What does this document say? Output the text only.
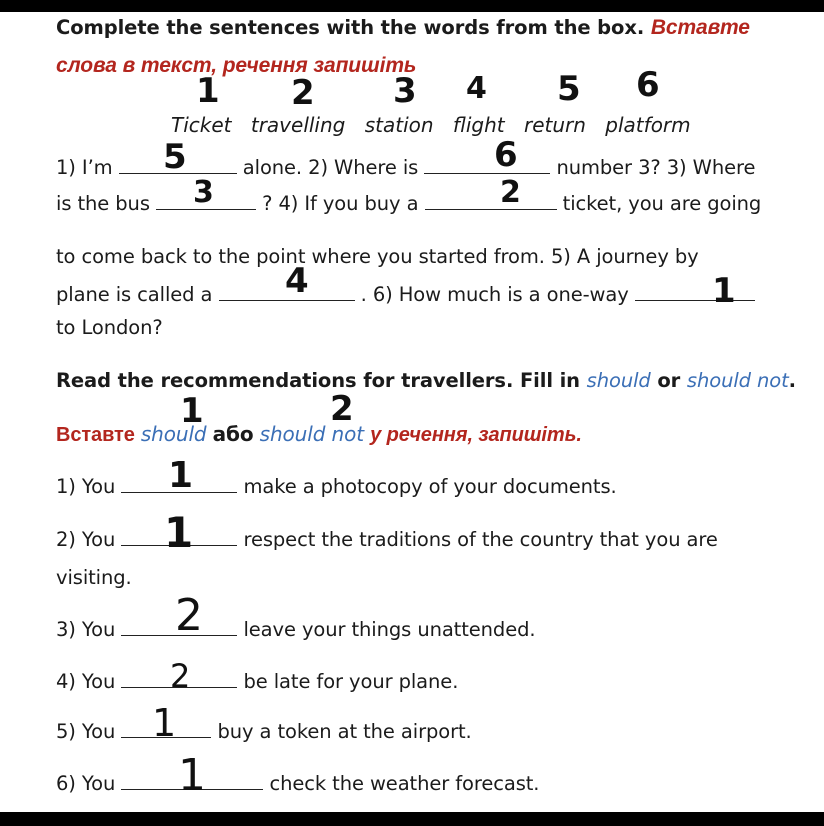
Complete the sentences with the words from the box. Вставте
слова в текст, речення запишіть
1 2 3 4 5 6
Ticket travelling station flight return platform
1) I’m	alone. 2) Where is	number 3? 3) Where
5	6
is the bus	? 4) If you buy a	ticket, you are going
3	2
to come back to the point where you started from. 5) A journey by
plane is called a	. 6) How much is a one-way
4	1
to London?
Read the recommendations for travellers. Fill in should or should not.
1	2
Вставте should або should not у речення, запишіть.
1) You	make a photocopy of your documents.
1
2) You	respect the traditions of the country that you are
1
visiting.
3) You	leave your things unattended.
2
4) You	be late for your plane.
2
5) You	buy a token at the airport.
1
6) You	check the weather forecast.
1
